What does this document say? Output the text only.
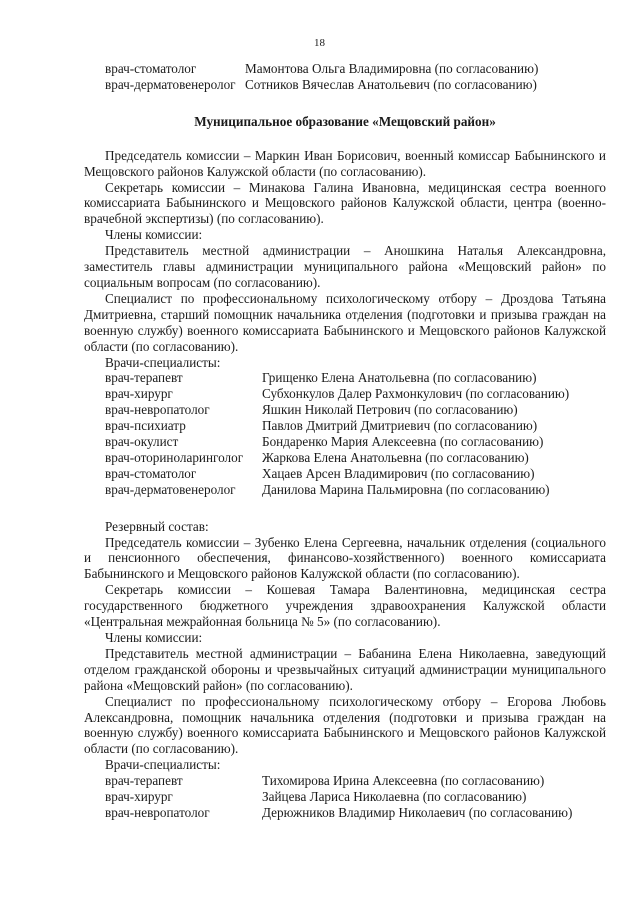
18
врач-стоматолог	Мамонтова Ольга Владимировна (по согласованию)
врач-дерматовенеролог Сотников Вячеслав Анатольевич (по согласованию)
Муниципальное образование «Мещовский район»

Председатель комиссии – Маркин Иван Борисович, военный комиссар Бабынинского и Мещовского районов Калужской области (по согласованию).

Секретарь комиссии – Минакова Галина Ивановна, медицинская сестра военного комиссариата Бабынинского и Мещовского районов Калужской области, центра (военно-врачебной экспертизы) (по согласованию).

Члены комиссии:

Представитель местной администрации – Аношкина Наталья Александровна, заместитель главы администрации муниципального района «Мещовский район» по социальным вопросам (по согласованию).

Специалист по профессиональному психологическому отбору – Дроздова Татьяна Дмитриевна, старший помощник начальника отделения (подготовки и призыва граждан на военную службу) военного комиссариата Бабынинского и Мещовского районов Калужской области (по согласованию).

Врачи-специалисты:

врач-терапевт	Грищенко Елена Анатольевна (по согласованию)
врач-хирург	Субхонкулов Далер Рахмонкулович (по согласованию)
врач-невропатолог	Яшкин Николай Петрович (по согласованию)
врач-психиатр	Павлов Дмитрий Дмитриевич (по согласованию)
врач-окулист	Бондаренко Мария Алексеевна (по согласованию)
врач-оториноларинголог	Жаркова Елена Анатольевна (по согласованию)
врач-стоматолог	Хацаев Арсен Владимирович (по согласованию)
врач-дерматовенеролог	Данилова Марина Пальмировна (по согласованию)

Резервный состав:

Председатель комиссии – Зубенко Елена Сергеевна, начальник отделения (социального и пенсионного обеспечения, финансово-хозяйственного) военного комиссариата Бабынинского и Мещовского районов Калужской области (по согласованию).

Секретарь комиссии – Кошевая Тамара Валентиновна, медицинская сестра государственного бюджетного учреждения здравоохранения Калужской области «Центральная межрайонная больница № 5» (по согласованию).

Члены комиссии:

Представитель местной администрации – Бабанина Елена Николаевна, заведующий отделом гражданской обороны и чрезвычайных ситуаций администрации муниципального района «Мещовский район» (по согласованию).

Специалист по профессиональному психологическому отбору – Егорова Любовь Александровна, помощник начальника отделения (подготовки и призыва граждан на военную службу) военного комиссариата Бабынинского и Мещовского районов Калужской области (по согласованию).

Врачи-специалисты:

врач-терапевт	Тихомирова Ирина Алексеевна (по согласованию)
врач-хирург	Зайцева Лариса Николаевна (по согласованию)
врач-невропатолог	Дерюжников Владимир Николаевич (по согласованию)
